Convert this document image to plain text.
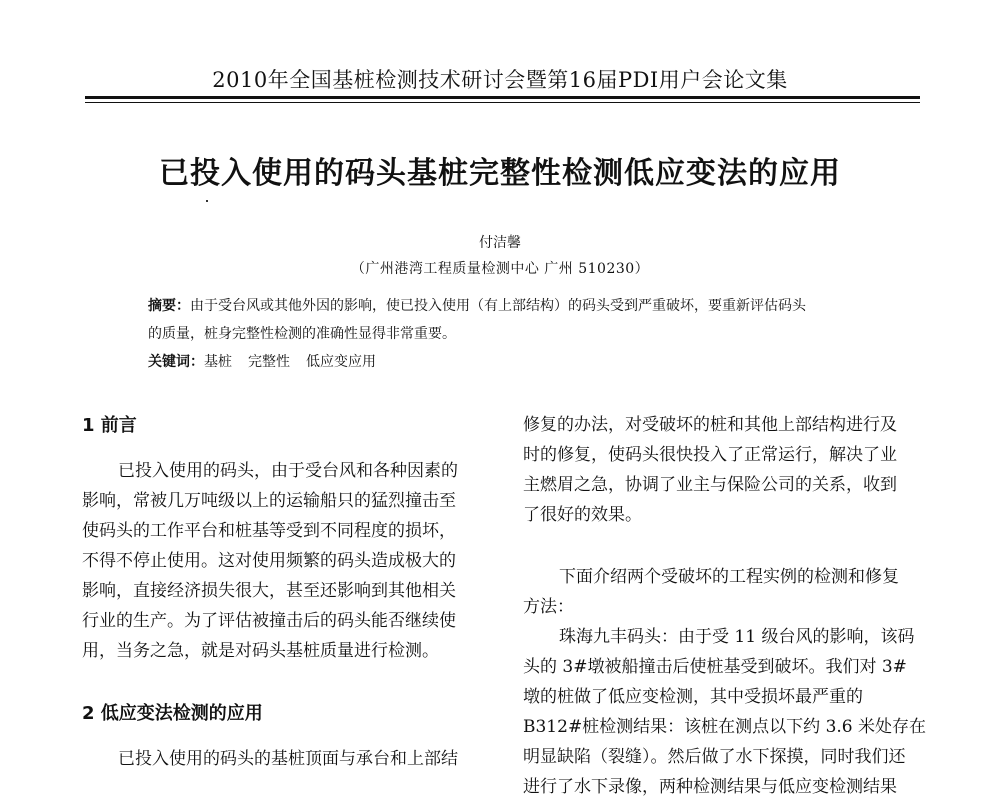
2010年全国基桩检测技术研讨会暨第16届PDI用户会论文集
已投入使用的码头基桩完整性检测低应变法的应用
付洁馨
（广州港湾工程质量检测中心 广州 510230）
摘要：由于受台风或其他外因的影响，使已投入使用（有上部结构）的码头受到严重破坏，要重新评估码头
的质量，桩身完整性检测的准确性显得非常重要。
关键词：基桩 完整性 低应变应用
1 前言
已投入使用的码头，由于受台风和各种因素的
影响，常被几万吨级以上的运输船只的猛烈撞击至
使码头的工作平台和桩基等受到不同程度的损坏，
不得不停止使用。这对使用频繁的码头造成极大的
影响，直接经济损失很大，甚至还影响到其他相关
行业的生产。为了评估被撞击后的码头能否继续使
用，当务之急，就是对码头基桩质量进行检测。
2 低应变法检测的应用
已投入使用的码头的基桩顶面与承台和上部结
修复的办法，对受破坏的桩和其他上部结构进行及
时的修复，使码头很快投入了正常运行，解决了业
主燃眉之急，协调了业主与保险公司的关系，收到
了很好的效果。
下面介绍两个受破坏的工程实例的检测和修复
方法：
珠海九丰码头：由于受 11 级台风的影响，该码
头的 3#墩被船撞击后使桩基受到破坏。我们对 3#
墩的桩做了低应变检测，其中受损坏最严重的
B312#桩检测结果：该桩在测点以下约 3.6 米处存在
明显缺陷（裂缝）。然后做了水下探摸，同时我们还
进行了水下录像，两种检测结果与低应变检测结果
